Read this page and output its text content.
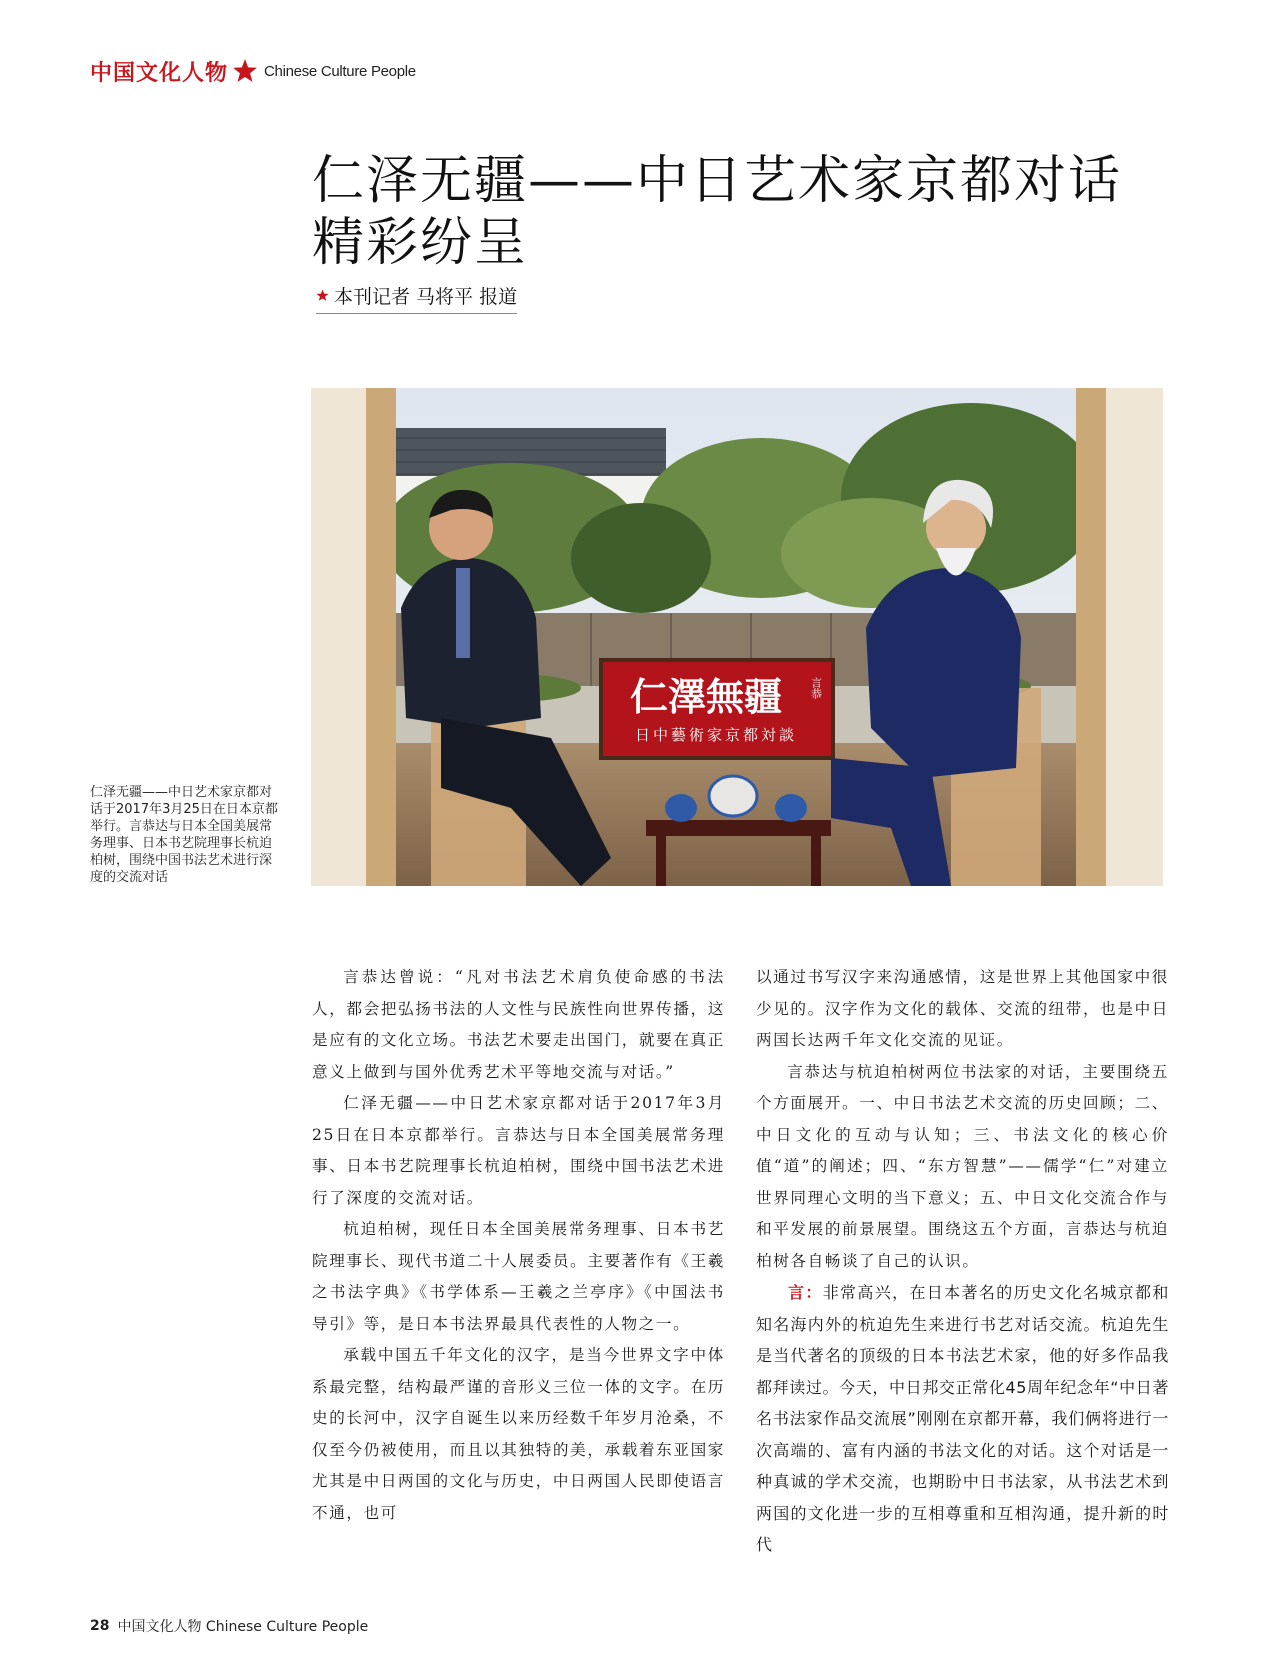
中国文化人物 Chinese Culture People
仁泽无疆——中日艺术家京都对话
精彩纷呈
本刊记者 马将平 报道
仁澤無疆
日中藝術家京都対談
言恭

仁泽无疆——中日艺术家京都对话于2017年3月25日在日本京都举行。言恭达与日本全国美展常务理事、日本书艺院理事长杭迫柏树，围绕中国书法艺术进行深度的交流对话

言恭达曾说：“凡对书法艺术肩负使命感的书法人，都会把弘扬书法的人文性与民族性向世界传播，这是应有的文化立场。书法艺术要走出国门，就要在真正意义上做到与国外优秀艺术平等地交流与对话。”

仁泽无疆——中日艺术家京都对话于2017年3月25日在日本京都举行。言恭达与日本全国美展常务理事、日本书艺院理事长杭迫柏树，围绕中国书法艺术进行了深度的交流对话。

杭迫柏树，现任日本全国美展常务理事、日本书艺院理事长、现代书道二十人展委员。主要著作有《王羲之书法字典》《书学体系—王羲之兰亭序》《中国法书导引》等，是日本书法界最具代表性的人物之一。

承载中国五千年文化的汉字，是当今世界文字中体系最完整，结构最严谨的音形义三位一体的文字。在历史的长河中，汉字自诞生以来历经数千年岁月沧桑，不仅至今仍被使用，而且以其独特的美，承载着东亚国家尤其是中日两国的文化与历史，中日两国人民即使语言不通，也可

以通过书写汉字来沟通感情，这是世界上其他国家中很少见的。汉字作为文化的载体、交流的纽带，也是中日两国长达两千年文化交流的见证。

言恭达与杭迫柏树两位书法家的对话，主要围绕五个方面展开。一、中日书法艺术交流的历史回顾；二、中日文化的互动与认知；三、书法文化的核心价值“道”的阐述；四、“东方智慧”——儒学“仁”对建立世界同理心文明的当下意义；五、中日文化交流合作与和平发展的前景展望。围绕这五个方面，言恭达与杭迫柏树各自畅谈了自己的认识。

言：非常高兴，在日本著名的历史文化名城京都和知名海内外的杭迫先生来进行书艺对话交流。杭迫先生是当代著名的顶级的日本书法艺术家，他的好多作品我都拜读过。今天，中日邦交正常化45周年纪念年“中日著名书法家作品交流展”刚刚在京都开幕，我们俩将进行一次高端的、富有内涵的书法文化的对话。这个对话是一种真诚的学术交流，也期盼中日书法家，从书法艺术到两国的文化进一步的互相尊重和互相沟通，提升新的时代

28 中国文化人物 Chinese Culture People
